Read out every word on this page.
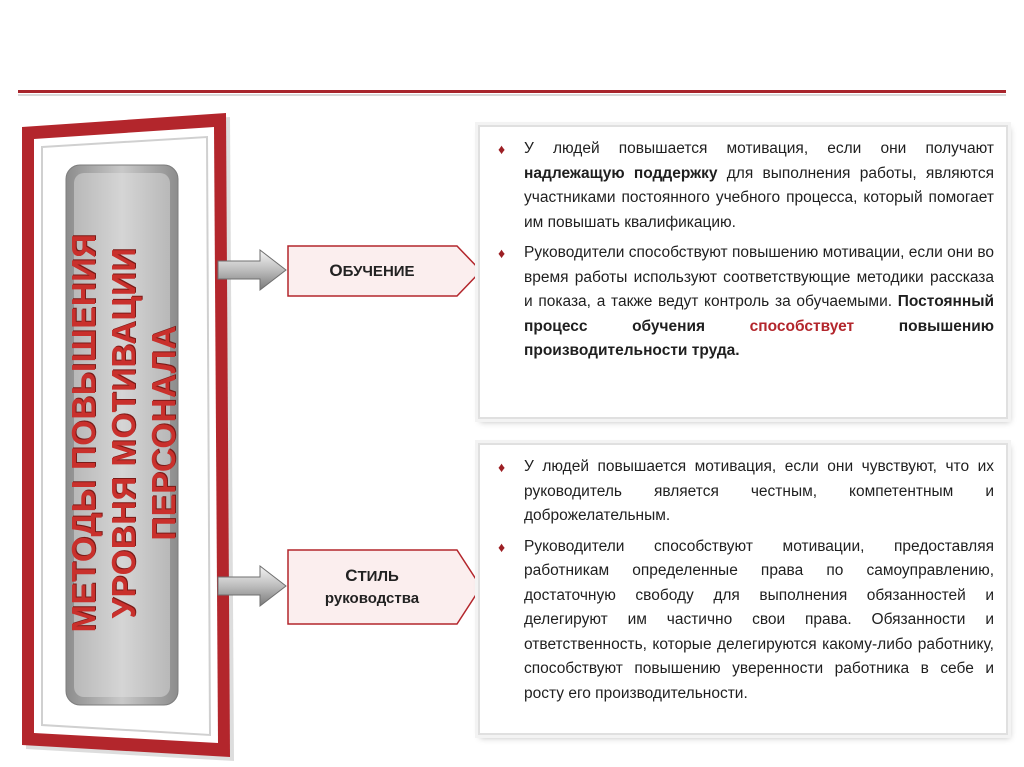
МЕТОДЫ ПОВЫШЕНИЯ УРОВНЯ МОТИВАЦИИ ПЕРСОНАЛА
ОБУЧЕНИЕ
СТИЛЬ
руководства
♦ У людей повышается мотивация, если они получают надлежащую поддержку для выполнения работы, являются участниками постоянного учебного процесса, который помогает им повышать квалификацию.

♦ Руководители способствуют повышению мотивации, если они во время работы используют соответствующие методики рассказа и показа, а также ведут контроль за обучаемыми. Постоянный процесс обучения способствует повышению производительности труда.

♦ У людей повышается мотивация, если они чувствуют, что их руководитель является честным, компетентным и доброжелательным.

♦ Руководители способствуют мотивации, предоставляя работникам определенные права по самоуправлению, достаточную свободу для выполнения обязанностей и делегируют им частично свои права. Обязанности и ответственность, которые делегируются какому-либо работнику, способствуют повышению уверенности работника в себе и росту его производительности.
